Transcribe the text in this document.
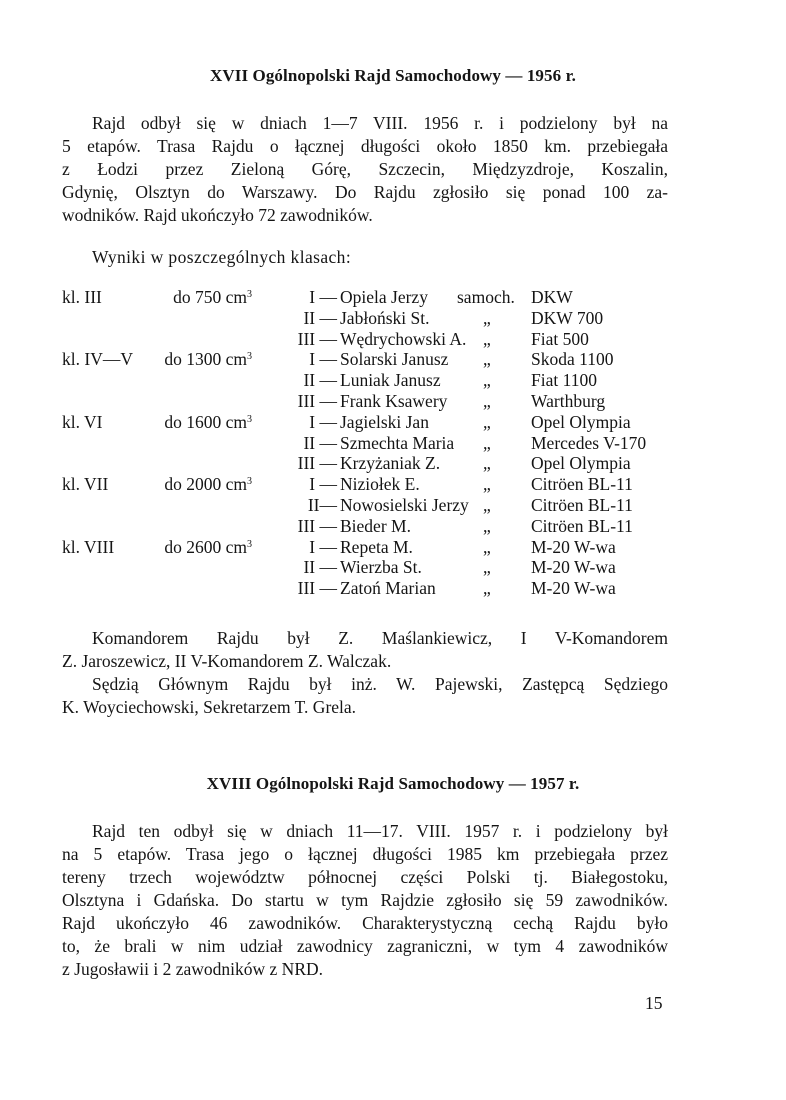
XVII Ogólnopolski Rajd Samochodowy — 1956 r.
Rajd odbył się w dniach 1—7 VIII. 1956 r. i podzielony był na
5 etapów. Trasa Rajdu o łącznej długości około 1850 km. przebiegała
z Łodzi przez Zieloną Górę, Szczecin, Międzyzdroje, Koszalin,
Gdynię, Olsztyn do Warszawy. Do Rajdu zgłosiło się ponad 100 za-
wodników. Rajd ukończyło 72 zawodników.
Wyniki w poszczególnych klasach:
kl. III	do 750 $cm^3$	I — Opiela Jerzy samoch. DKW
II — Jabłoński St.	„ DKW 700
III — Wędrychowski A. „ Fiat 500
kl. IV—V do 1300 $cm^3$	I — Solarski Janusz „ Skoda 1100
II — Luniak Janusz „ Fiat 1100
III — Frank Ksawery „ Warthburg
kl. VI	do 1600 $cm^3$	I — Jagielski Jan	„ Opel Olympia
II — Szmechta Maria „ Mercedes V-170
III — Krzyżaniak Z. „ Opel Olympia
kl. VII	do 2000 $cm^3$	I — Niziołek E.	„ Citröen BL-11
II— Nowosielski Jerzy „ Citröen BL-11
III — Bieder M.	„ Citröen BL-11
kl. VIII	do 2600 $cm^3$	I — Repeta M.	„ M-20 W-wa
II — Wierzba St.	„ M-20 W-wa
III — Zatoń Marian	„ M-20 W-wa
Komandorem Rajdu był Z. Maślankiewicz, I V-Komandorem
Z. Jaroszewicz, II V-Komandorem Z. Walczak.
Sędzią Głównym Rajdu był inż. W. Pajewski, Zastępcą Sędziego
K. Woyciechowski, Sekretarzem T. Grela.
XVIII Ogólnopolski Rajd Samochodowy — 1957 r.
Rajd ten odbył się w dniach 11—17. VIII. 1957 r. i podzielony był
na 5 etapów. Trasa jego o łącznej długości 1985 km przebiegała przez
tereny trzech województw północnej części Polski tj. Białegostoku,
Olsztyna i Gdańska. Do startu w tym Rajdzie zgłosiło się 59 zawodników.
Rajd ukończyło 46 zawodników. Charakterystyczną cechą Rajdu było
to, że brali w nim udział zawodnicy zagraniczni, w tym 4 zawodników
z Jugosławii i 2 zawodników z NRD.
15
